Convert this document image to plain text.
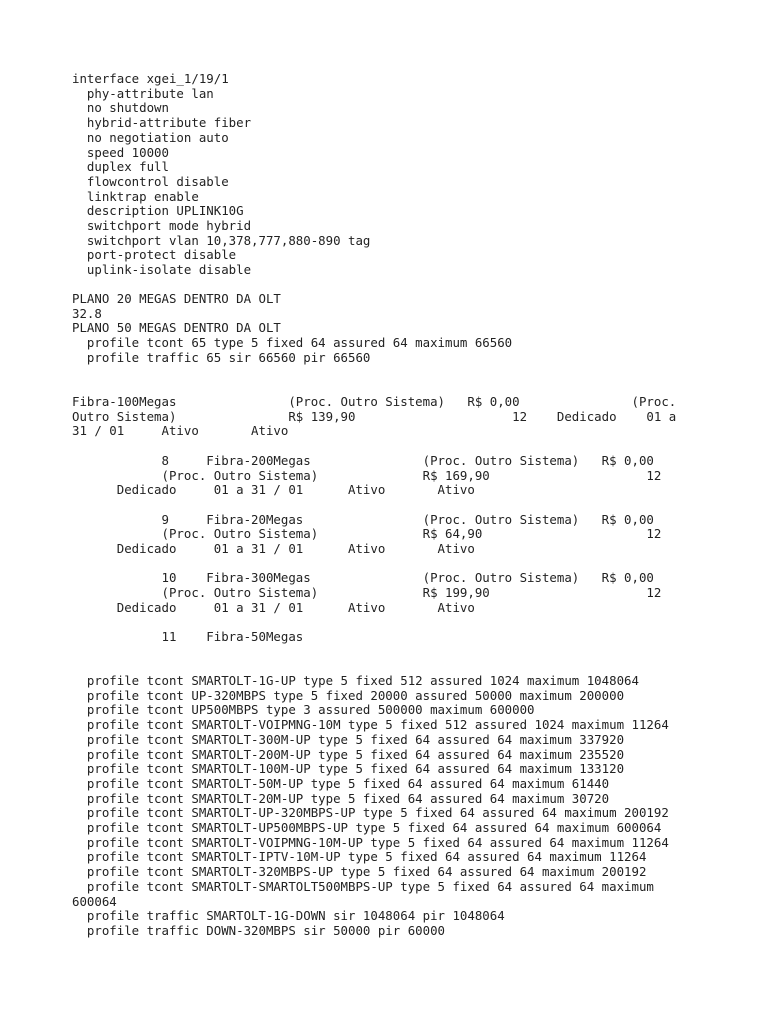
interface xgei_1/19/1
phy-attribute lan
no shutdown
hybrid-attribute fiber
no negotiation auto
speed 10000
duplex full
flowcontrol disable
linktrap enable
description UPLINK10G
switchport mode hybrid
switchport vlan 10,378,777,880-890 tag
port-protect disable
uplink-isolate disable
PLANO 20 MEGAS DENTRO DA OLT
32.8
PLANO 50 MEGAS DENTRO DA OLT
profile tcont 65 type 5 fixed 64 assured 64 maximum 66560
profile traffic 65 sir 66560 pir 66560
Fibra-100Megas               (Proc. Outro Sistema)   R$ 0,00               (Proc.
Outro Sistema)               R$ 139,90                     12    Dedicado    01 a
31 / 01     Ativo       Ativo
8     Fibra-200Megas               (Proc. Outro Sistema)   R$ 0,00
(Proc. Outro Sistema)              R$ 169,90                     12
Dedicado     01 a 31 / 01      Ativo       Ativo
9     Fibra-20Megas                (Proc. Outro Sistema)   R$ 0,00
(Proc. Outro Sistema)              R$ 64,90                      12
Dedicado     01 a 31 / 01      Ativo       Ativo
10    Fibra-300Megas               (Proc. Outro Sistema)   R$ 0,00
(Proc. Outro Sistema)              R$ 199,90                     12
Dedicado     01 a 31 / 01      Ativo       Ativo
11    Fibra-50Megas
profile tcont SMARTOLT-1G-UP type 5 fixed 512 assured 1024 maximum 1048064
profile tcont UP-320MBPS type 5 fixed 20000 assured 50000 maximum 200000
profile tcont UP500MBPS type 3 assured 500000 maximum 600000
profile tcont SMARTOLT-VOIPMNG-10M type 5 fixed 512 assured 1024 maximum 11264
profile tcont SMARTOLT-300M-UP type 5 fixed 64 assured 64 maximum 337920
profile tcont SMARTOLT-200M-UP type 5 fixed 64 assured 64 maximum 235520
profile tcont SMARTOLT-100M-UP type 5 fixed 64 assured 64 maximum 133120
profile tcont SMARTOLT-50M-UP type 5 fixed 64 assured 64 maximum 61440
profile tcont SMARTOLT-20M-UP type 5 fixed 64 assured 64 maximum 30720
profile tcont SMARTOLT-UP-320MBPS-UP type 5 fixed 64 assured 64 maximum 200192
profile tcont SMARTOLT-UP500MBPS-UP type 5 fixed 64 assured 64 maximum 600064
profile tcont SMARTOLT-VOIPMNG-10M-UP type 5 fixed 64 assured 64 maximum 11264
profile tcont SMARTOLT-IPTV-10M-UP type 5 fixed 64 assured 64 maximum 11264
profile tcont SMARTOLT-320MBPS-UP type 5 fixed 64 assured 64 maximum 200192
profile tcont SMARTOLT-SMARTOLT500MBPS-UP type 5 fixed 64 assured 64 maximum
600064
profile traffic SMARTOLT-1G-DOWN sir 1048064 pir 1048064
profile traffic DOWN-320MBPS sir 50000 pir 60000
